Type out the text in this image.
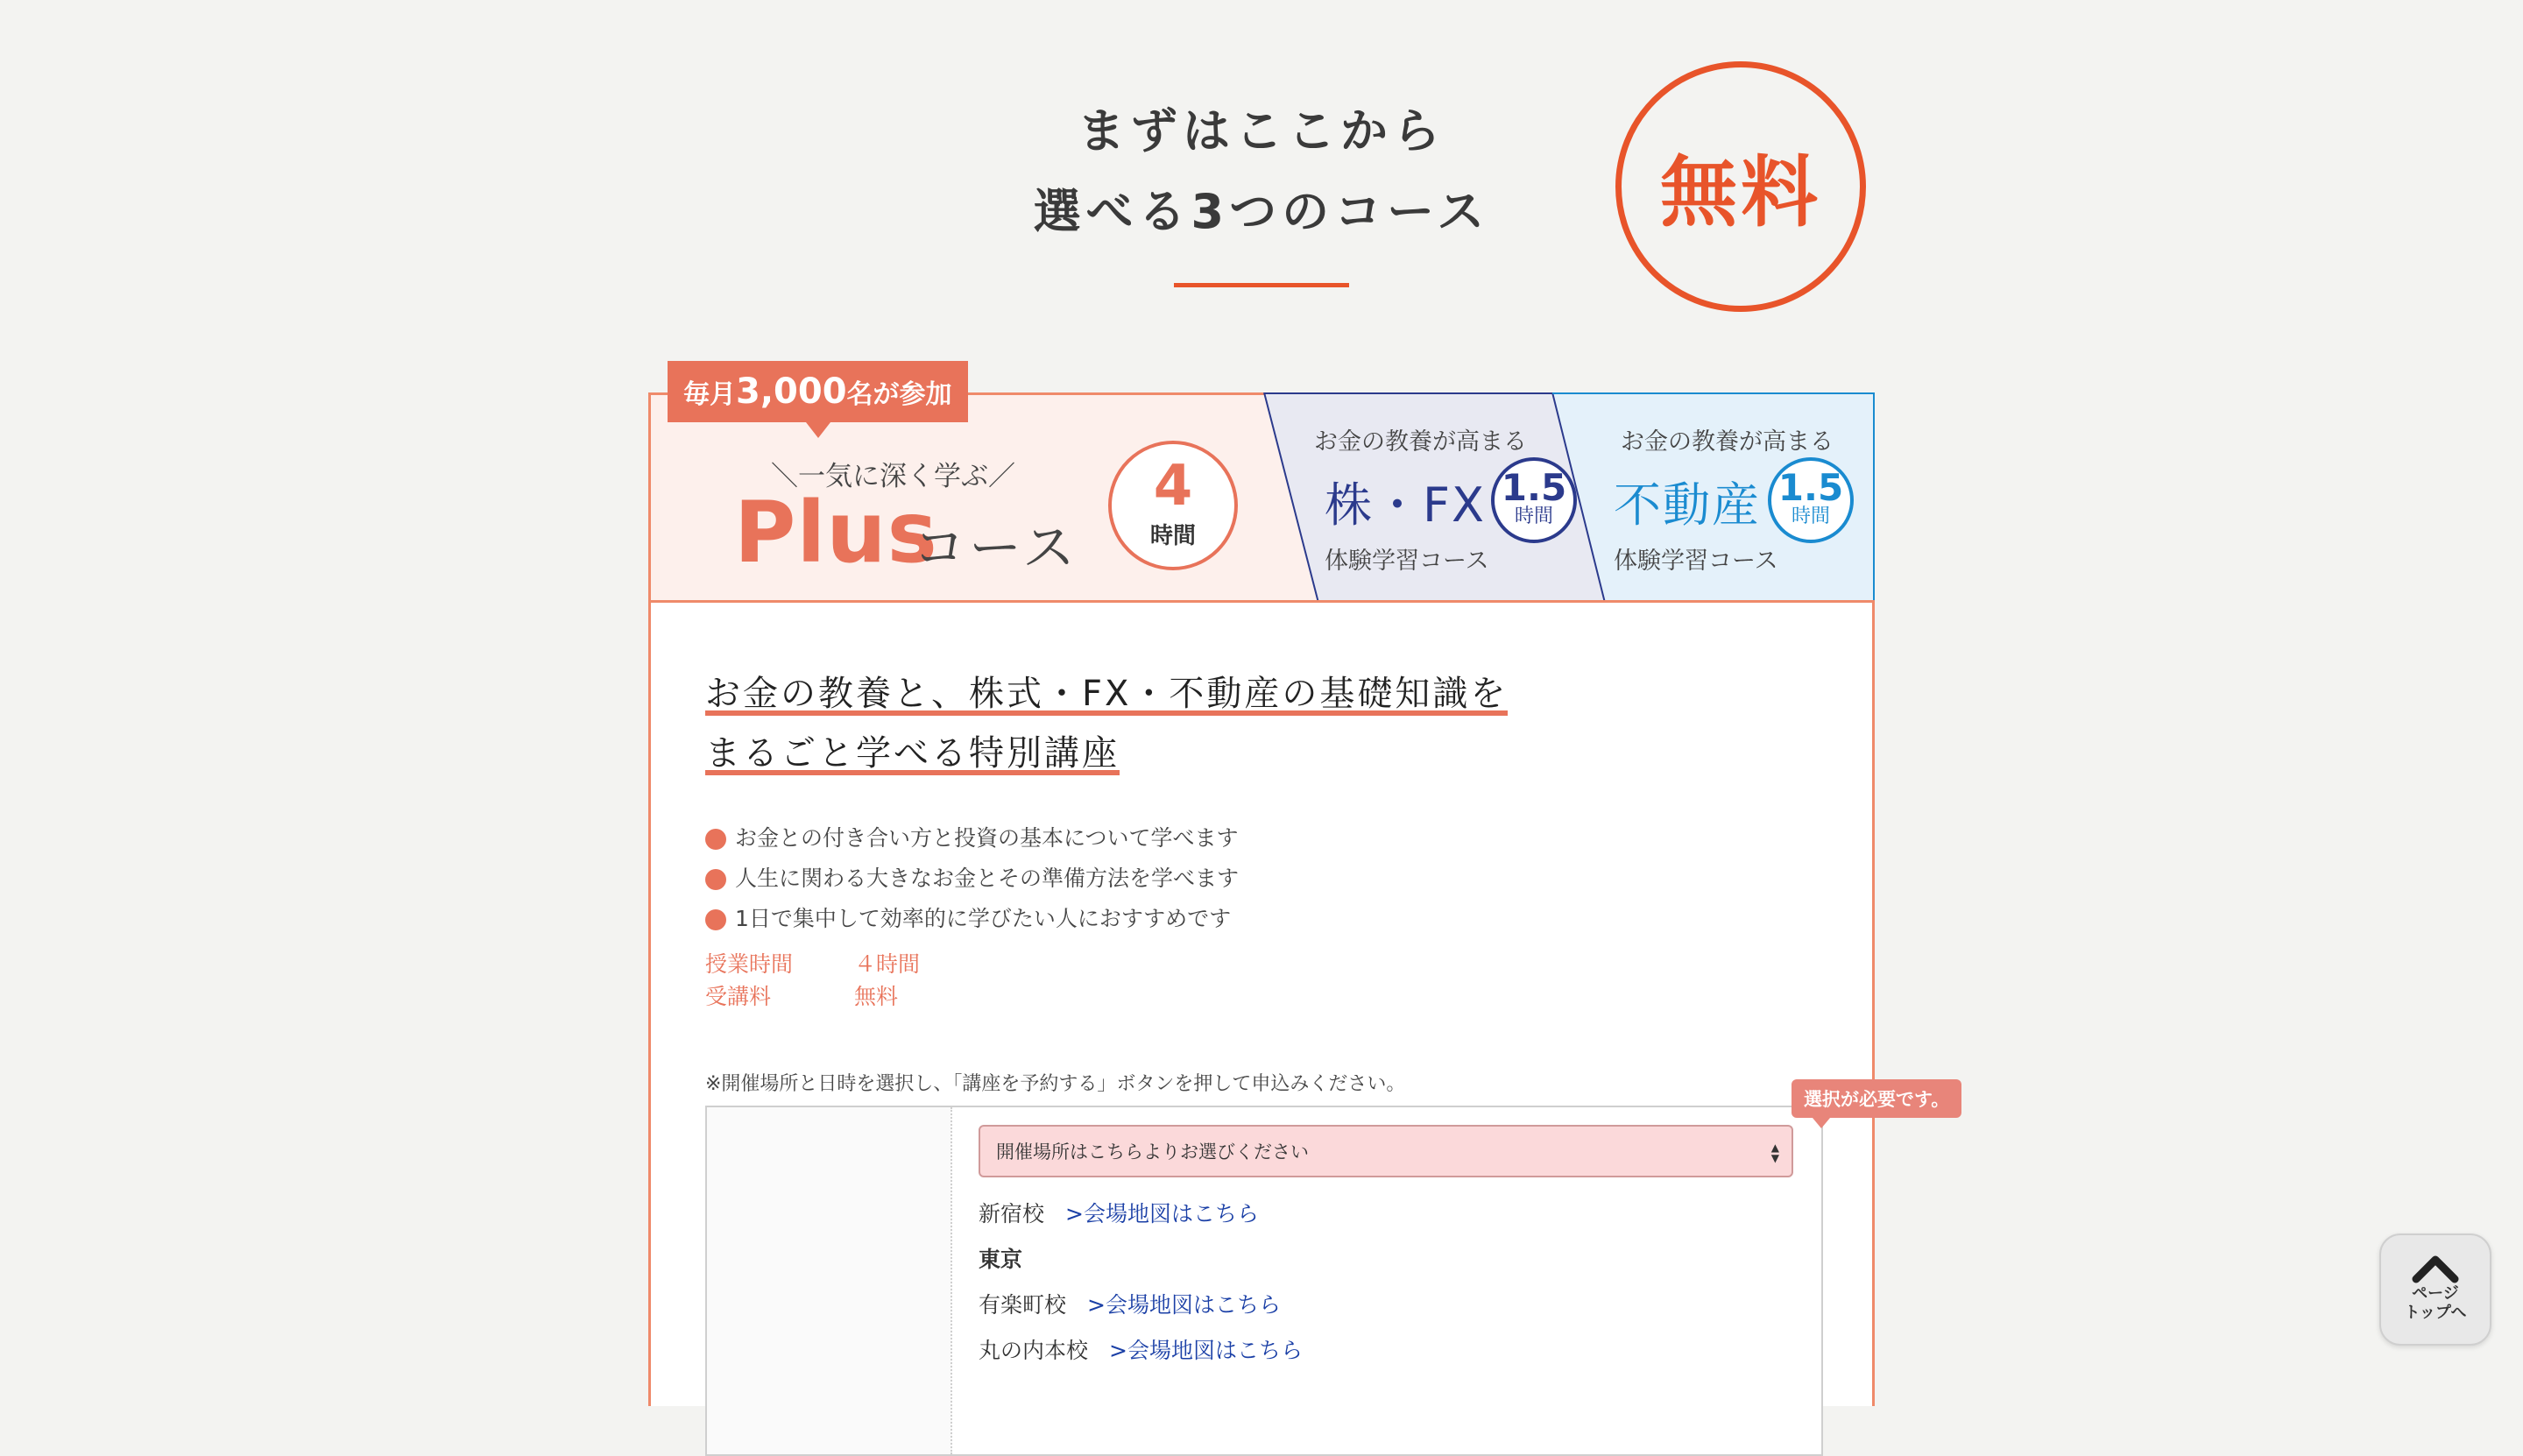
まずはここから
選べる3つのコース	無料
毎月 3,000 名が参加
＼一気に深く学ぶ／
Plus
コース
4
時間
お金の教養が高まる
株・FX 1.5
時間
体験学習コース
お金の教養が高まる
不動産 1.5
時間
体験学習コース
お金の教養と、株式・FX・不動産の基礎知識を
まるごと学べる特別講座
お金との付き合い方と投資の基本について学べます
人生に関わる大きなお金とその準備方法を学べます
1日で集中して効率的に学びたい人におすすめです
授業時間	４時間
受講料	無料
※開催場所と日時を選択し、「講座を予約する」ボタンを押して申込みください。
選択が必要です。
開催場所はこちらよりお選びください	▲
▼
新宿校 >会場地図はこちら
東京
有楽町校 >会場地図はこちら
丸の内本校 >会場地図はこちら
ページ
トップへ
